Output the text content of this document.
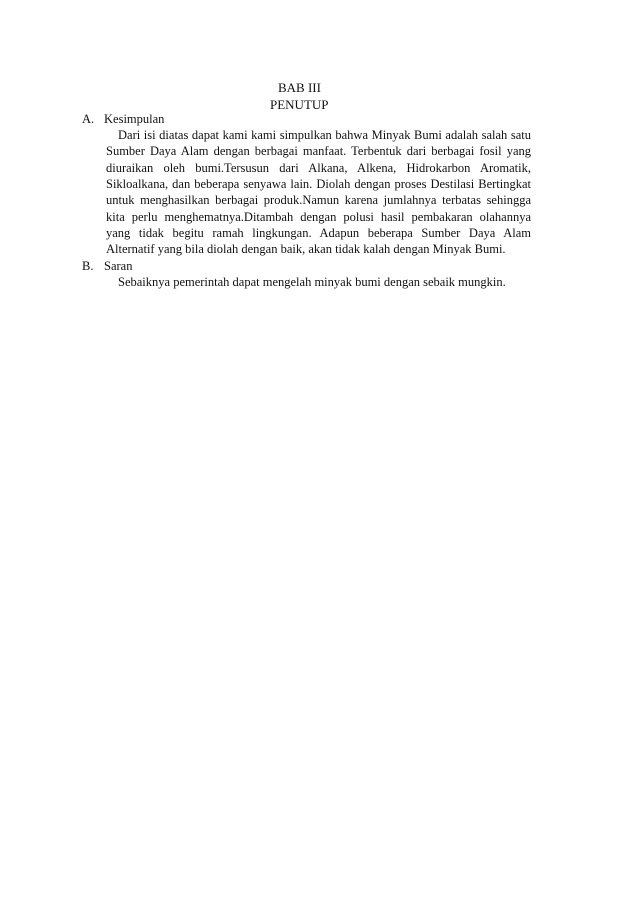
BAB III
PENUTUP
A. Kesimpulan

Dari isi diatas dapat kami kami simpulkan bahwa Minyak Bumi adalah salah satu Sumber Daya Alam dengan berbagai manfaat. Terbentuk dari berbagai fosil yang diuraikan oleh bumi.Tersusun dari Alkana, Alkena, Hidrokarbon Aromatik, Sikloalkana, dan beberapa senyawa lain. Diolah dengan proses Destilasi Bertingkat untuk menghasilkan berbagai produk.Namun karena jumlahnya terbatas sehingga kita perlu menghematnya.Ditambah dengan polusi hasil pembakaran olahannya yang tidak begitu ramah lingkungan. Adapun beberapa Sumber Daya Alam Alternatif yang bila diolah dengan baik, akan tidak kalah dengan Minyak Bumi.

B. Saran

Sebaiknya pemerintah dapat mengelah minyak bumi dengan sebaik mungkin.
